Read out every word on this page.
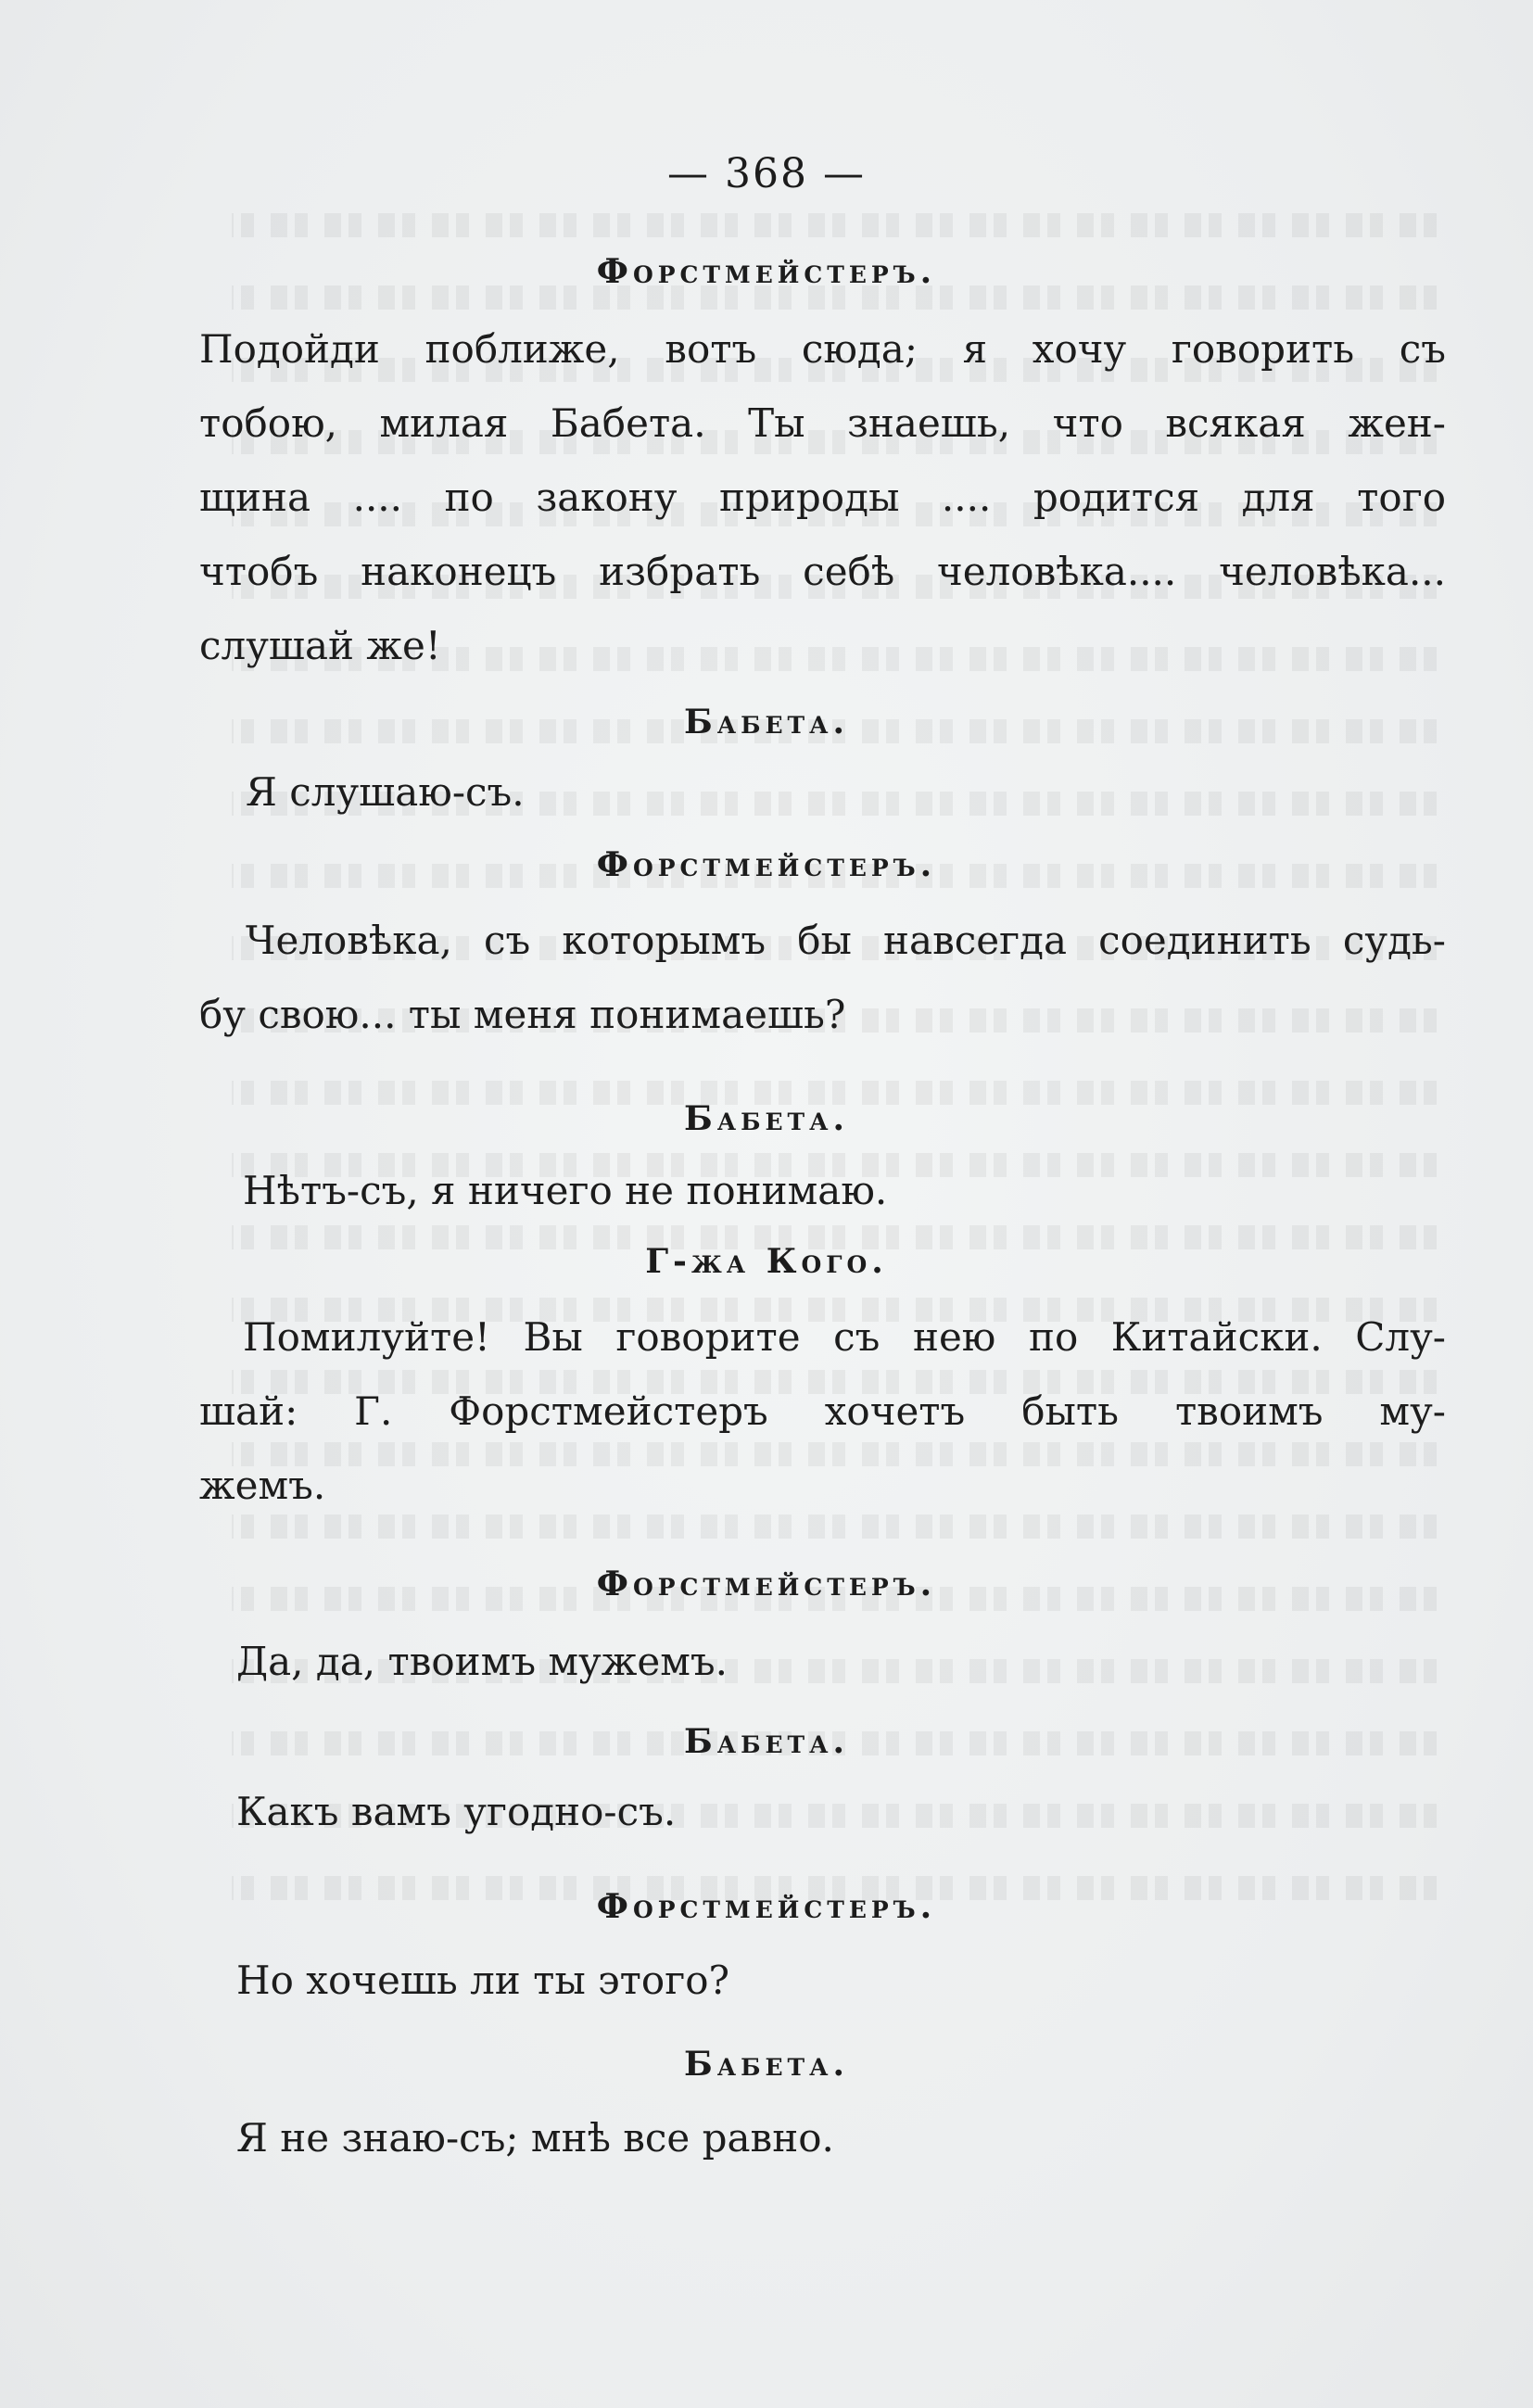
— 368 —
Форстмейстеръ.
Подойди поближе, вотъ сюда; я хочу говорить съ
тобою, милая Бабета. Ты знаешь, что всякая жен-
щина .... по закону природы .... родится для того
чтобъ наконецъ избрать себѣ человѣка.... человѣка...
слушай же!
Бабета.
Я слушаю-съ.
Форстмейстеръ.
Человѣка, съ которымъ бы навсегда соединить судь-
бу свою... ты меня понимаешь?
Бабета.
Нѣтъ-съ, я ничего не понимаю.
Г-жа Кого.
Помилуйте! Вы говорите съ нею по Китайски. Слу-
шай: Г. Форстмейстеръ хочетъ быть твоимъ му-
жемъ.
Форстмейстеръ.
Да, да, твоимъ мужемъ.
Бабета.
Какъ вамъ угодно-съ.
Форстмейстеръ.
Но хочешь ли ты этого?
Бабета.
Я не знаю-съ; мнѣ все равно.
